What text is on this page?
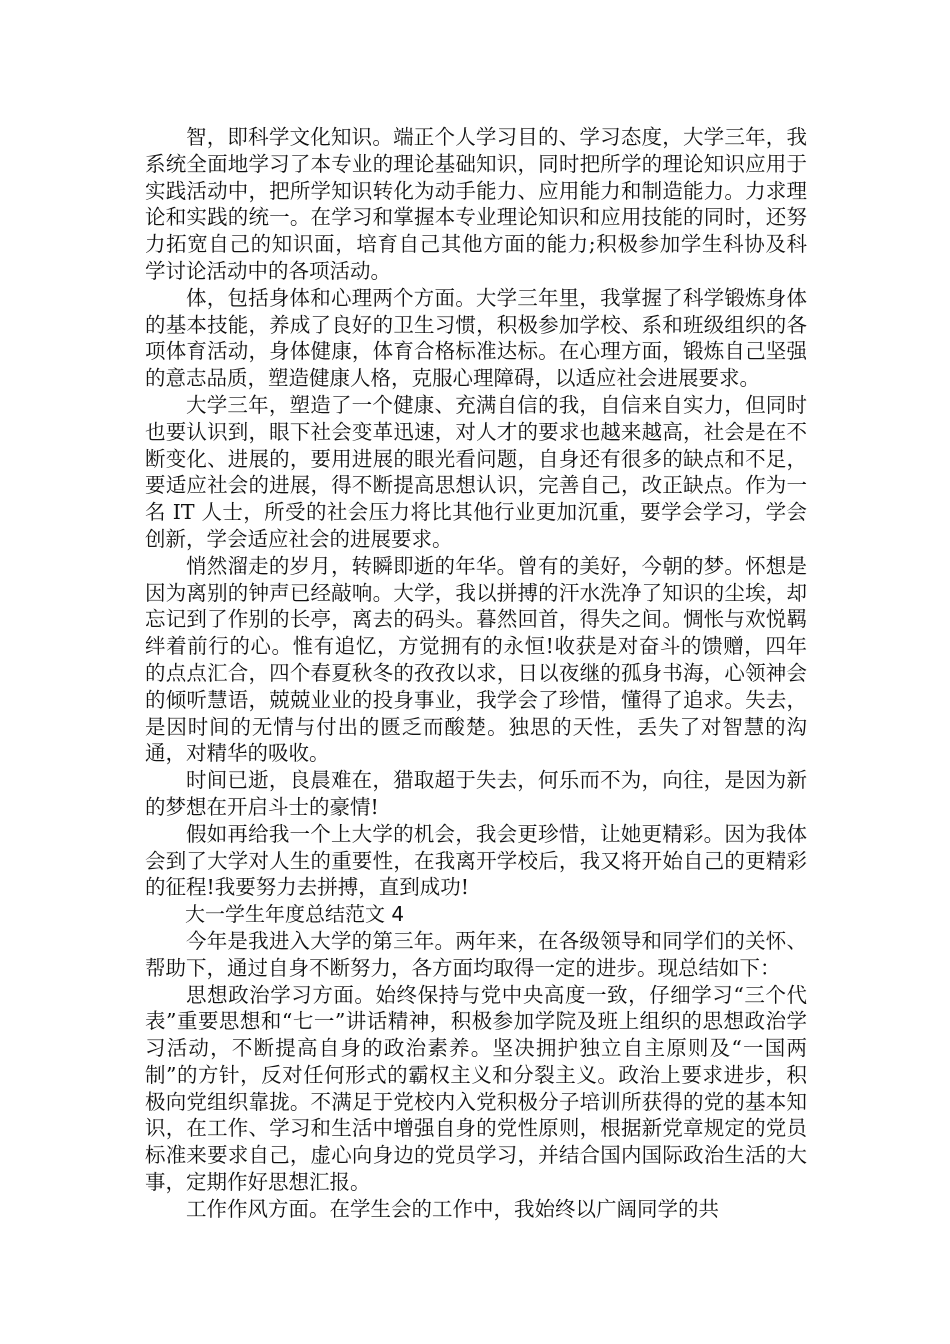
智，即科学文化知识。端正个人学习目的、学习态度，大学三年，我系统全面地学习了本专业的理论基础知识，同时把所学的理论知识应用于实践活动中，把所学知识转化为动手能力、应用能力和制造能力。力求理论和实践的统一。在学习和掌握本专业理论知识和应用技能的同时，还努力拓宽自己的知识面，培育自己其他方面的能力;积极参加学生科协及科学讨论活动中的各项活动。

体，包括身体和心理两个方面。大学三年里，我掌握了科学锻炼身体的基本技能，养成了良好的卫生习惯，积极参加学校、系和班级组织的各项体育活动，身体健康，体育合格标准达标。在心理方面，锻炼自己坚强的意志品质，塑造健康人格，克服心理障碍，以适应社会进展要求。

大学三年，塑造了一个健康、充满自信的我，自信来自实力，但同时也要认识到，眼下社会变革迅速，对人才的要求也越来越高，社会是在不断变化、进展的，要用进展的眼光看问题，自身还有很多的缺点和不足，要适应社会的进展，得不断提高思想认识，完善自己，改正缺点。作为一名 IT 人士，所受的社会压力将比其他行业更加沉重，要学会学习，学会创新，学会适应社会的进展要求。

悄然溜走的岁月，转瞬即逝的年华。曾有的美好，今朝的梦。怀想是因为离别的钟声已经敲响。大学，我以拼搏的汗水洗净了知识的尘埃，却忘记到了作别的长亭，离去的码头。暮然回首，得失之间。惆怅与欢悦羁绊着前行的心。惟有追忆，方觉拥有的永恒!收获是对奋斗的馈赠，四年的点点汇合，四个春夏秋冬的孜孜以求，日以夜继的孤身书海，心领神会的倾听慧语，兢兢业业的投身事业，我学会了珍惜，懂得了追求。失去，是因时间的无情与付出的匮乏而酸楚。独思的天性，丢失了对智慧的沟通，对精华的吸收。

时间已逝，良晨难在，猎取超于失去，何乐而不为，向往，是因为新的梦想在开启斗士的豪情!

假如再给我一个上大学的机会，我会更珍惜，让她更精彩。因为我体会到了大学对人生的重要性，在我离开学校后，我又将开始自己的更精彩的征程!我要努力去拼搏，直到成功!

大一学生年度总结范文 4

今年是我进入大学的第三年。两年来，在各级领导和同学们的关怀、帮助下，通过自身不断努力，各方面均取得一定的进步。现总结如下：

思想政治学习方面。始终保持与党中央高度一致，仔细学习“三个代表”重要思想和“七一”讲话精神，积极参加学院及班上组织的思想政治学习活动，不断提高自身的政治素养。坚决拥护独立自主原则及“一国两制”的方针，反对任何形式的霸权主义和分裂主义。政治上要求进步，积极向党组织靠拢。不满足于党校内入党积极分子培训所获得的党的基本知识，在工作、学习和生活中增强自身的党性原则，根据新党章规定的党员标准来要求自己，虚心向身边的党员学习，并结合国内国际政治生活的大事，定期作好思想汇报。

工作作风方面。在学生会的工作中，我始终以广阔同学的共
